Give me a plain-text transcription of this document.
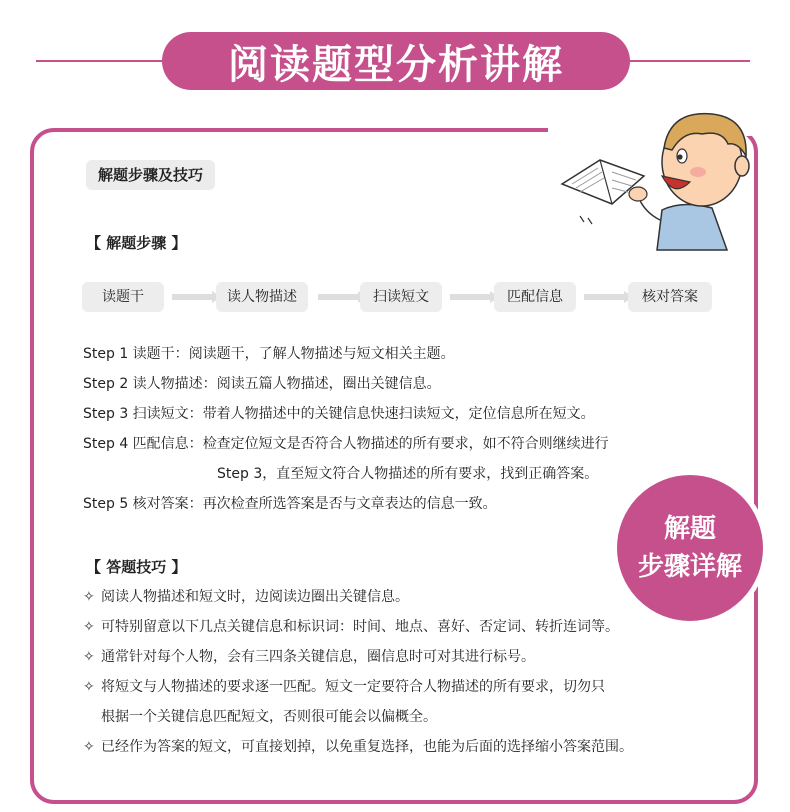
阅读题型分析讲解
解题步骤及技巧
【 解题步骤 】
读题干	读人物描述	扫读短文	匹配信息	核对答案
Step 1 读题干：阅读题干，了解人物描述与短文相关主题。
Step 2 读人物描述：阅读五篇人物描述，圈出关键信息。
Step 3 扫读短文：带着人物描述中的关键信息快速扫读短文，定位信息所在短文。
Step 4 匹配信息：检查定位短文是否符合人物描述的所有要求，如不符合则继续进行
Step 3，直至短文符合人物描述的所有要求，找到正确答案。
Step 5 核对答案：再次检查所选答案是否与文章表达的信息一致。
【 答题技巧 】
✧ 阅读人物描述和短文时，边阅读边圈出关键信息。
✧ 可特别留意以下几点关键信息和标识词：时间、地点、喜好、否定词、转折连词等。
✧ 通常针对每个人物，会有三四条关键信息，圈信息时可对其进行标号。
✧ 将短文与人物描述的要求逐一匹配。短文一定要符合人物描述的所有要求，切勿只
根据一个关键信息匹配短文，否则很可能会以偏概全。
✧ 已经作为答案的短文，可直接划掉，以免重复选择，也能为后面的选择缩小答案范围。
解题
步骤详解
